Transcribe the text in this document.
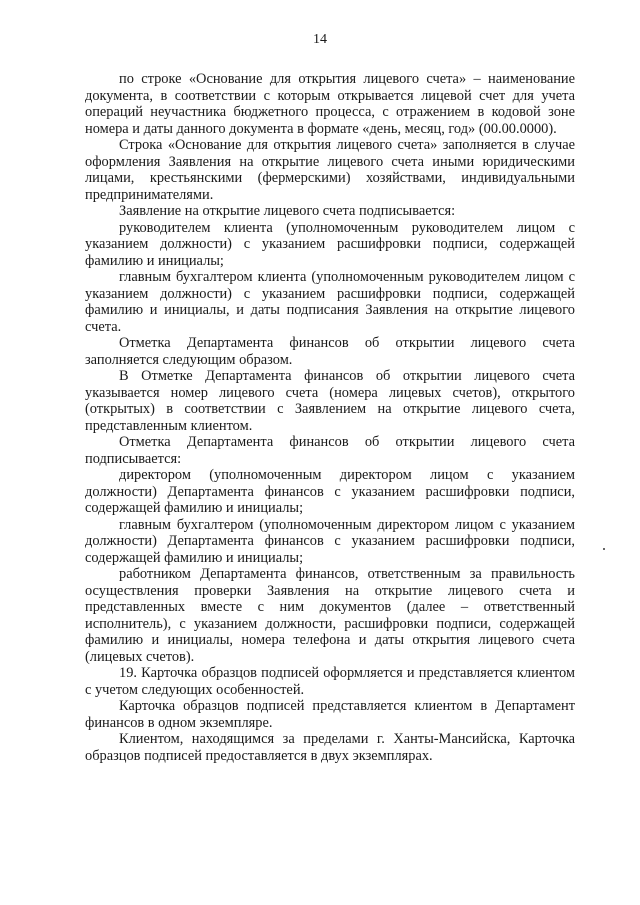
14

по строке «Основание для открытия лицевого счета» – наименование документа, в соответствии с которым открывается лицевой счет для учета операций неучастника бюджетного процесса, с отражением в кодовой зоне номера и даты данного документа в формате «день, месяц, год» (00.00.0000).

Строка «Основание для открытия лицевого счета» заполняется в случае оформления Заявления на открытие лицевого счета иными юридическими лицами, крестьянскими (фермерскими) хозяйствами, индивидуальными предпринимателями.

Заявление на открытие лицевого счета подписывается:

руководителем клиента (уполномоченным руководителем лицом с указанием должности) с указанием расшифровки подписи, содержащей фамилию и инициалы;

главным бухгалтером клиента (уполномоченным руководителем лицом с указанием должности) с указанием расшифровки подписи, содержащей фамилию и инициалы, и даты подписания Заявления на открытие лицевого счета.

Отметка Департамента финансов об открытии лицевого счета заполняется следующим образом.

В Отметке Департамента финансов об открытии лицевого счета указывается номер лицевого счета (номера лицевых счетов), открытого (открытых) в соответствии с Заявлением на открытие лицевого счета, представленным клиентом.

Отметка Департамента финансов об открытии лицевого счета подписывается:

директором (уполномоченным директором лицом с указанием должности) Департамента финансов с указанием расшифровки подписи, содержащей фамилию и инициалы;

главным бухгалтером (уполномоченным директором лицом с указанием должности) Департамента финансов с указанием расшифровки подписи, содержащей фамилию и инициалы;

работником Департамента финансов, ответственным за правильность осуществления проверки Заявления на открытие лицевого счета и представленных вместе с ним документов (далее – ответственный исполнитель), с указанием должности, расшифровки подписи, содержащей фамилию и инициалы, номера телефона и даты открытия лицевого счета (лицевых счетов).

19. Карточка образцов подписей оформляется и представляется клиентом с учетом следующих особенностей.

Карточка образцов подписей представляется клиентом в Департамент финансов в одном экземпляре.

Клиентом, находящимся за пределами г. Ханты-Мансийска, Карточка образцов подписей предоставляется в двух экземплярах.
